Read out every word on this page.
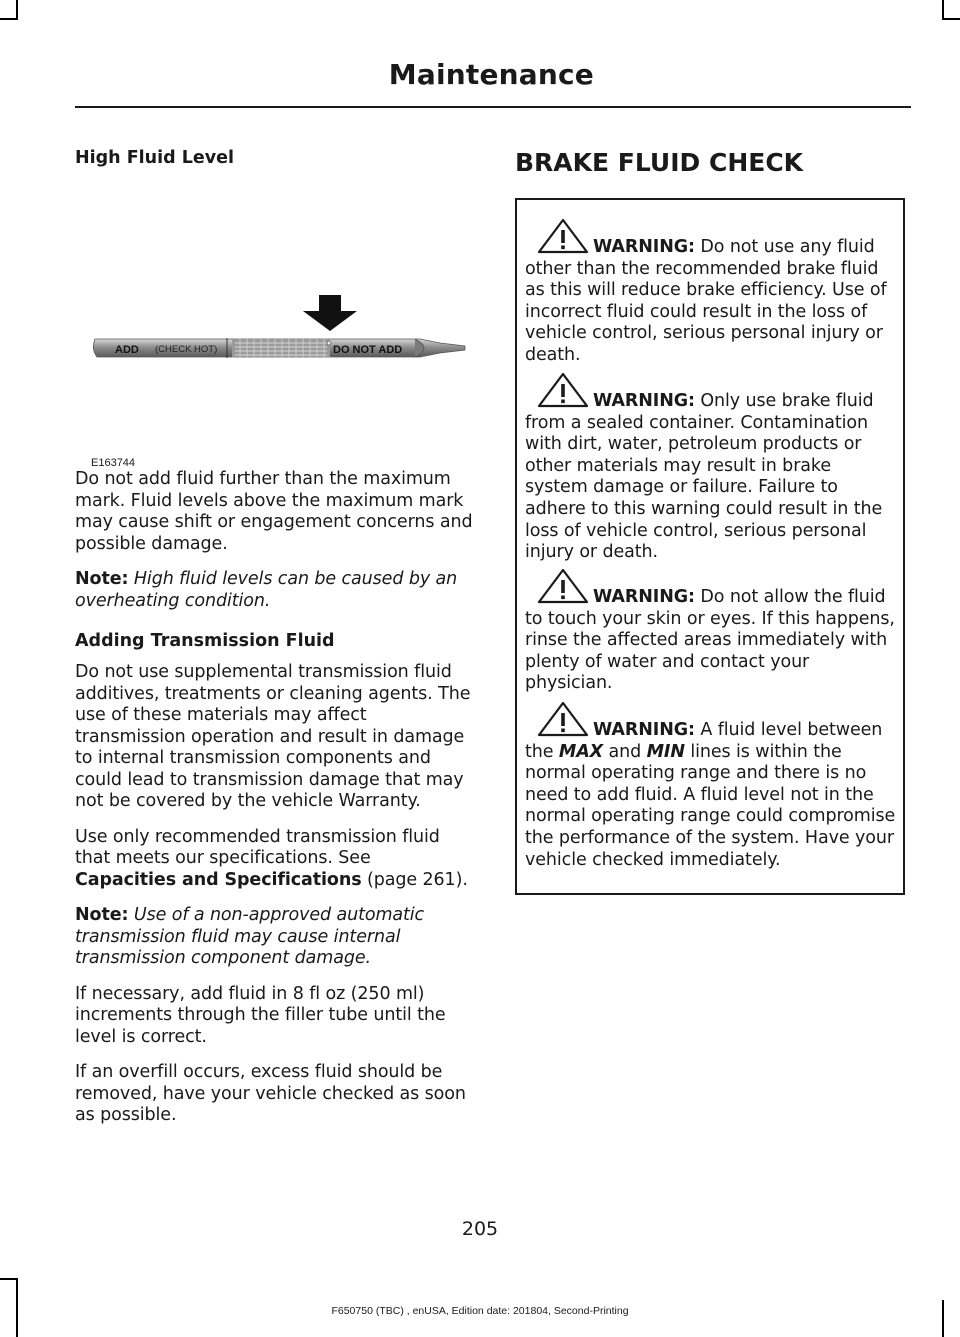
Maintenance
High Fluid Level
ADD (CHECK HOT)	DO NOT ADD
E163744

Do not add fluid further than the maximum mark. Fluid levels above the maximum mark may cause shift or engagement concerns and possible damage.

Note: High fluid levels can be caused by an overheating condition.

Adding Transmission Fluid

Do not use supplemental transmission fluid additives, treatments or cleaning agents. The use of these materials may affect transmission operation and result in damage to internal transmission components and could lead to transmission damage that may not be covered by the vehicle Warranty.

Use only recommended transmission fluid that meets our specifications. See Capacities and Specifications (page 261).

Note: Use of a non-approved automatic transmission fluid may cause internal transmission component damage.

If necessary, add fluid in 8 fl oz (250 ml) increments through the filler tube until the level is correct.

If an overfill occurs, excess fluid should be removed, have your vehicle checked as soon as possible.

BRAKE FLUID CHECK

WARNING: Do not use any fluid other than the recommended brake fluid as this will reduce brake efficiency. Use of incorrect fluid could result in the loss of vehicle control, serious personal injury or death.

WARNING: Only use brake fluid from a sealed container. Contamination with dirt, water, petroleum products or other materials may result in brake system damage or failure. Failure to adhere to this warning could result in the loss of vehicle control, serious personal injury or death.

WARNING: Do not allow the fluid to touch your skin or eyes. If this happens, rinse the affected areas immediately with plenty of water and contact your physician.

WARNING: A fluid level between the MAX and MIN lines is within the normal operating range and there is no need to add fluid. A fluid level not in the normal operating range could compromise the performance of the system. Have your vehicle checked immediately.

205
F650750 (TBC) , enUSA, Edition date: 201804, Second-Printing
